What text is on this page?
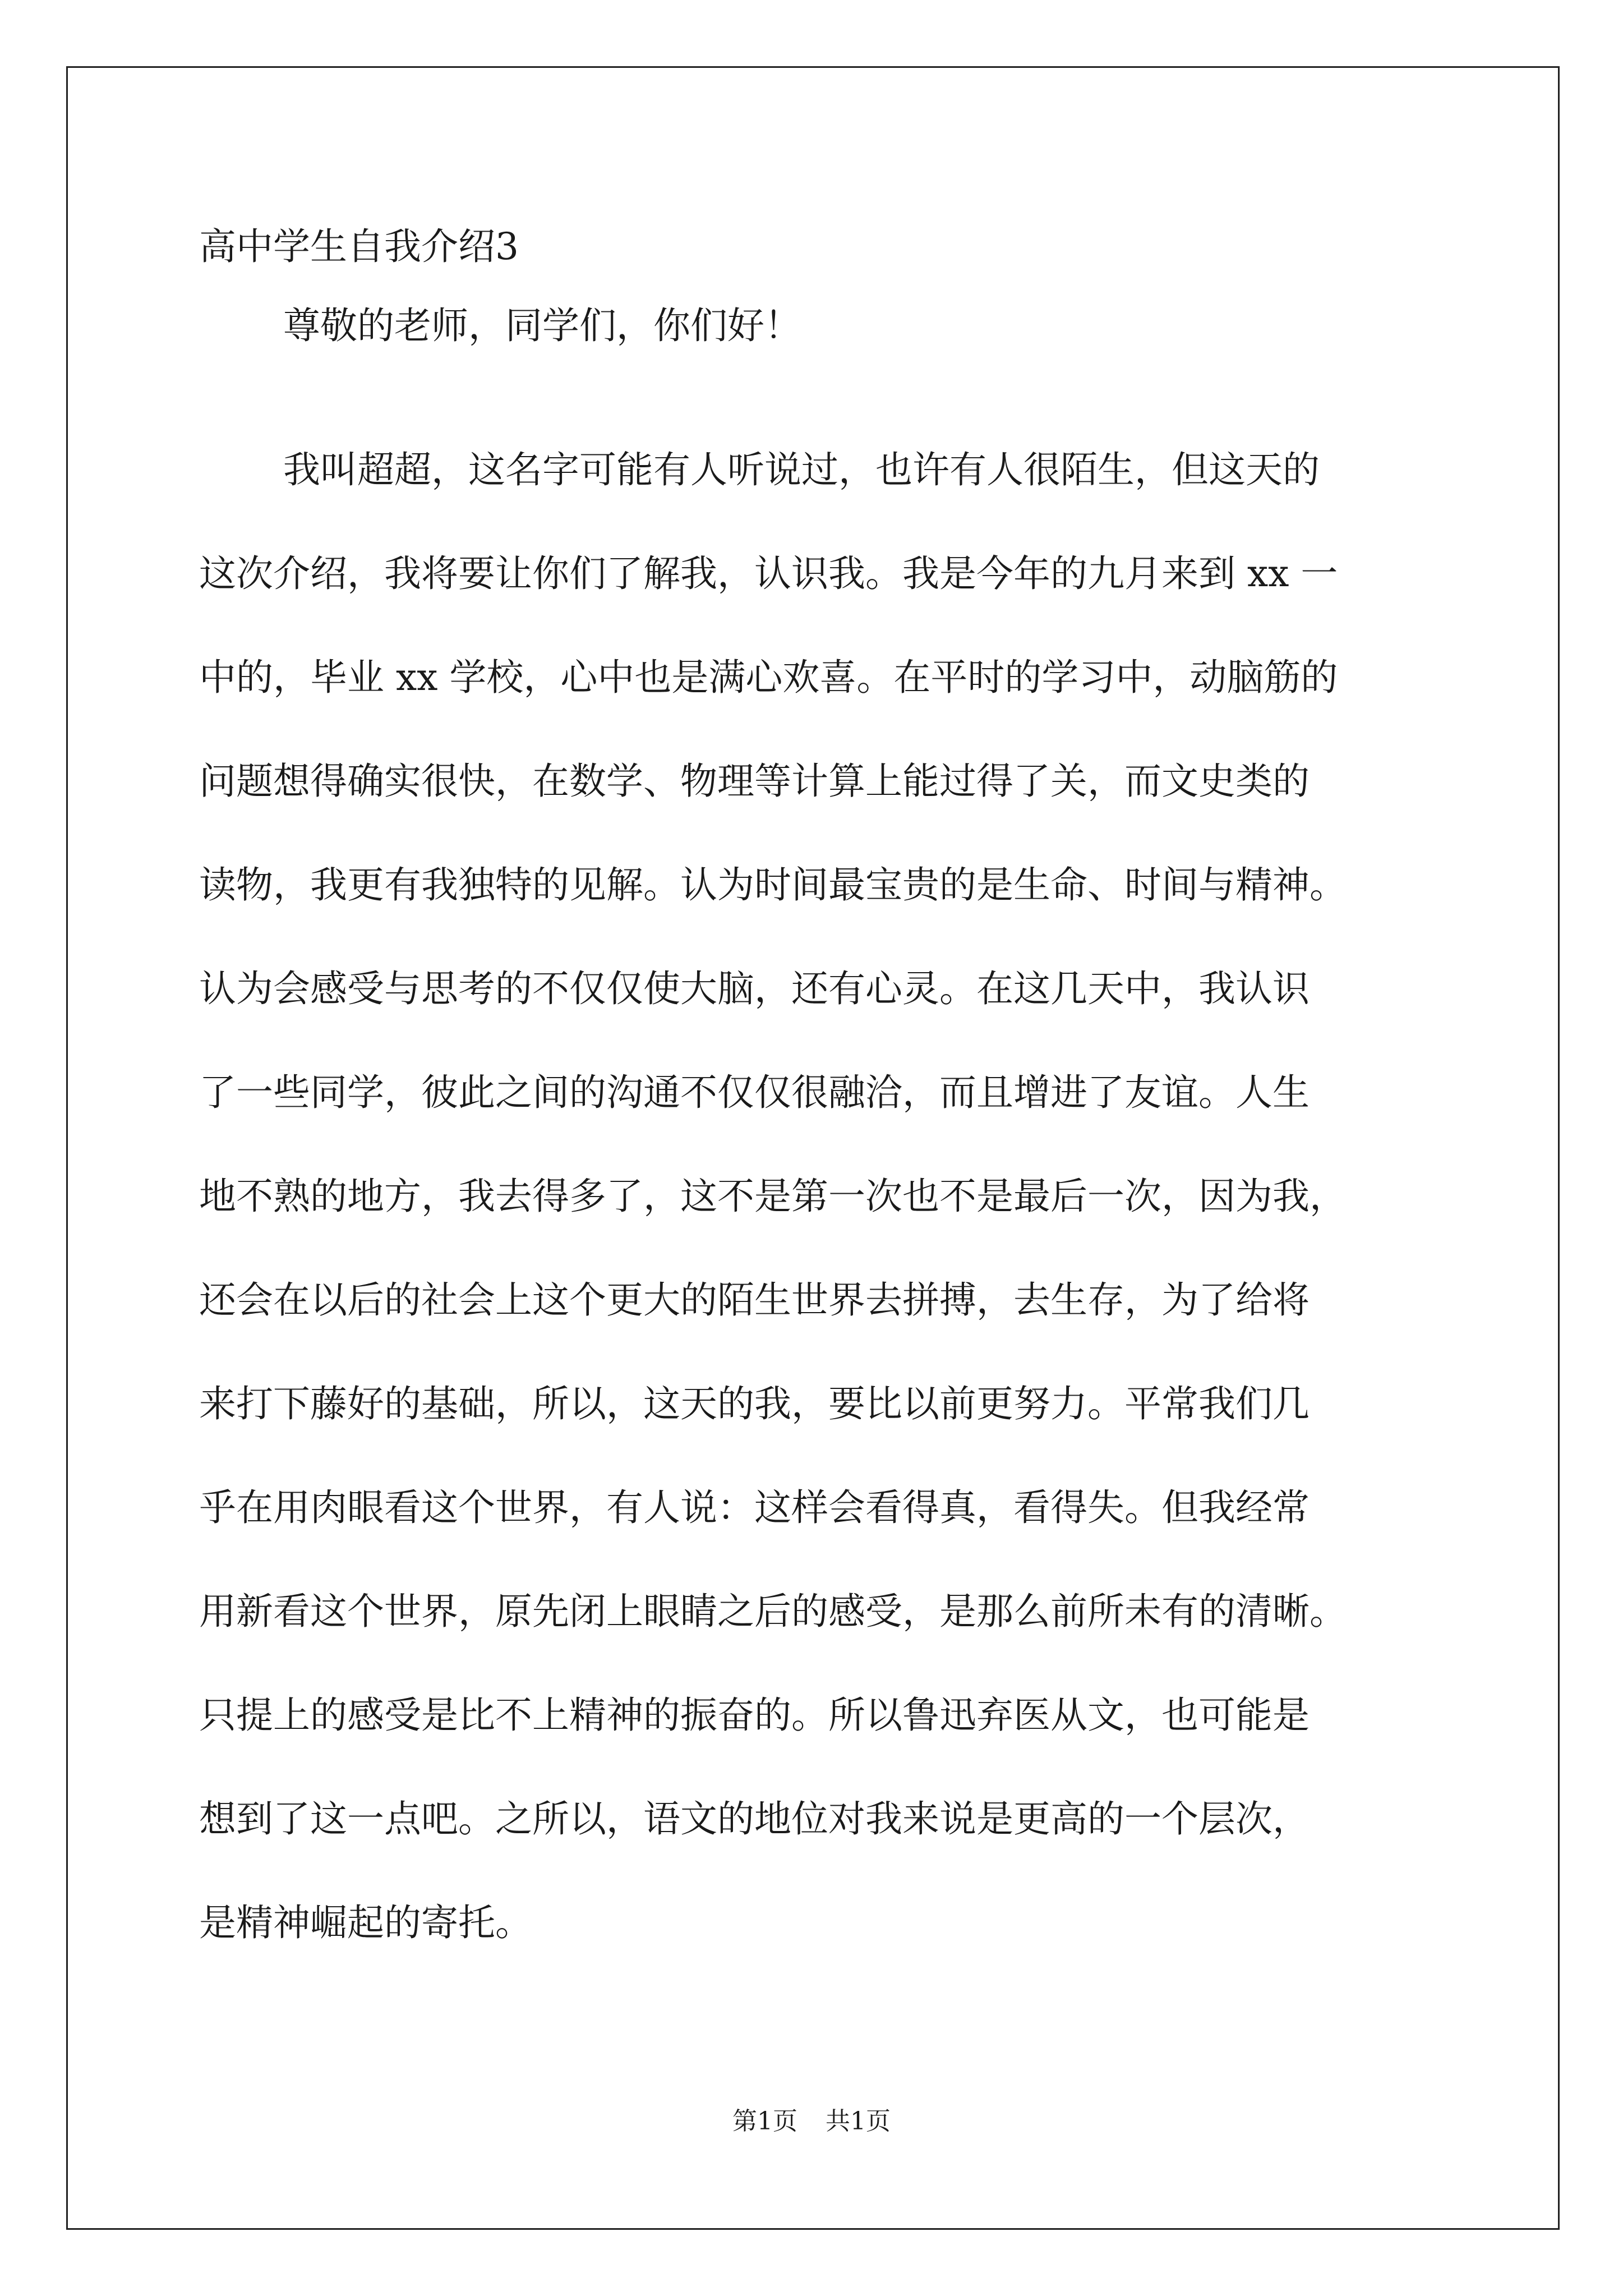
高中学生自我介绍3
尊敬的老师，同学们，你们好！
我叫超超，这名字可能有人听说过，也许有人很陌生，但这天的
这次介绍，我将要让你们了解我，认识我。我是今年的九月来到 xx 一
中的，毕业 xx 学校，心中也是满心欢喜。在平时的学习中，动脑筋的
问题想得确实很快，在数学、物理等计算上能过得了关，而文史类的
读物，我更有我独特的见解。认为时间最宝贵的是生命、时间与精神。
认为会感受与思考的不仅仅使大脑，还有心灵。在这几天中，我认识
了一些同学，彼此之间的沟通不仅仅很融洽，而且增进了友谊。人生
地不熟的地方，我去得多了，这不是第一次也不是最后一次，因为我，
还会在以后的社会上这个更大的陌生世界去拼搏，去生存，为了给将
来打下藤好的基础，所以，这天的我，要比以前更努力。平常我们几
乎在用肉眼看这个世界，有人说：这样会看得真，看得失。但我经常
用新看这个世界，原先闭上眼睛之后的感受，是那么前所未有的清晰。
只提上的感受是比不上精神的振奋的。所以鲁迅弃医从文，也可能是
想到了这一点吧。之所以，语文的地位对我来说是更高的一个层次，
是精神崛起的寄托。
第1页 共1页
